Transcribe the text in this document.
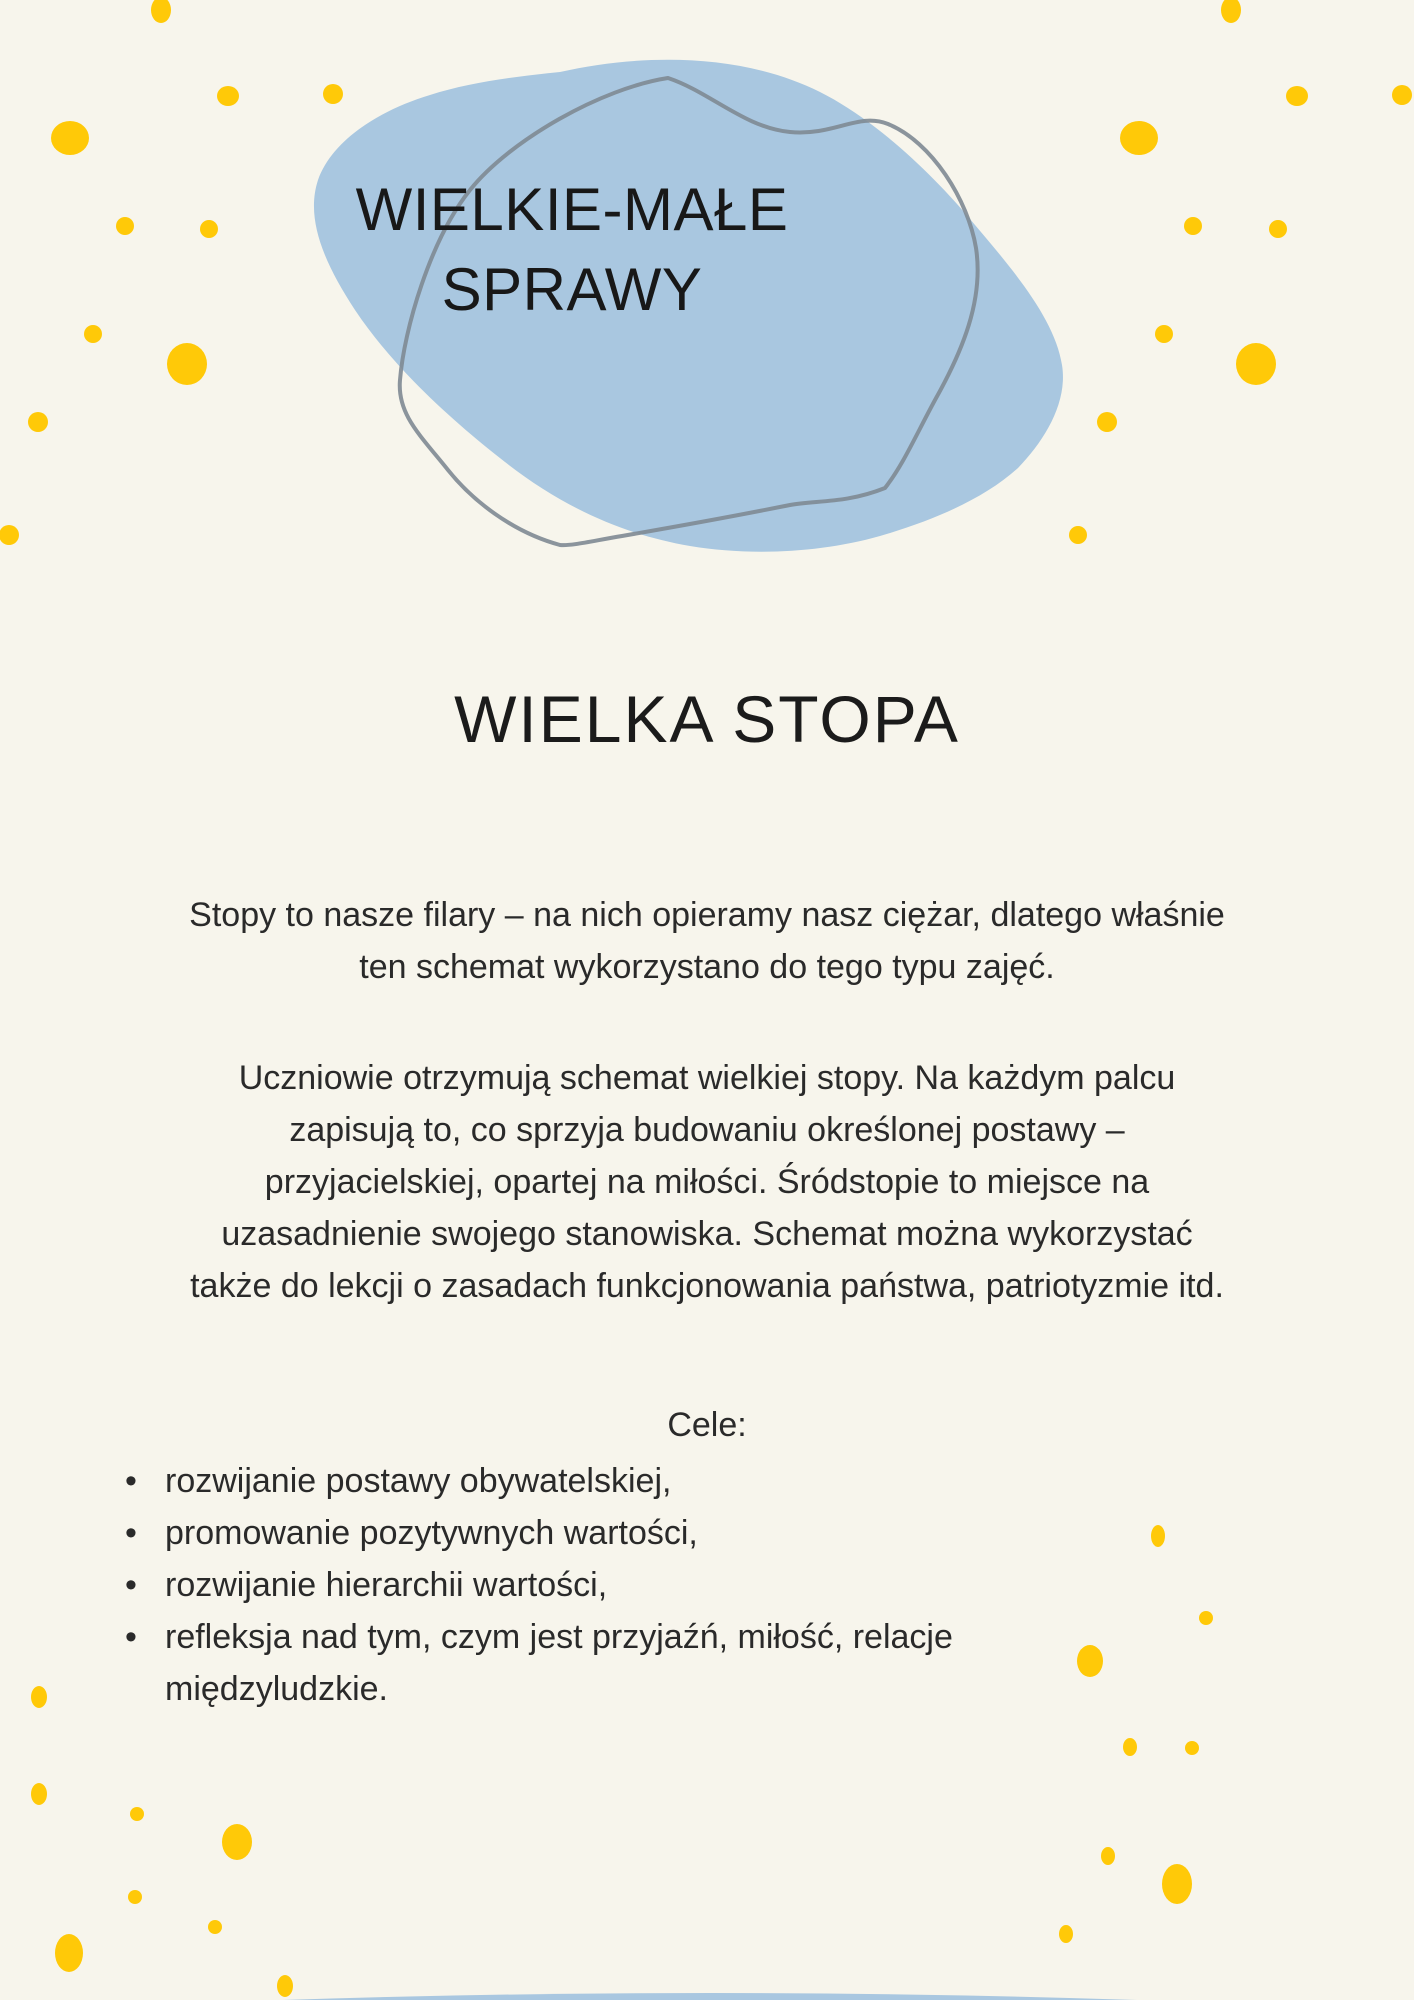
WIELKIE-MAŁE
SPRAWY
WIELKA STOPA
Stopy to nasze filary – na nich opieramy nasz ciężar, dlatego właśnie
ten schemat wykorzystano do tego typu zajęć.
Uczniowie otrzymują schemat wielkiej stopy. Na każdym palcu
zapisują to, co sprzyja budowaniu określonej postawy –
przyjacielskiej, opartej na miłości. Śródstopie to miejsce na
uzasadnienie swojego stanowiska. Schemat można wykorzystać
także do lekcji o zasadach funkcjonowania państwa, patriotyzmie itd.
Cele:
• rozwijanie postawy obywatelskiej,
• promowanie pozytywnych wartości,
• rozwijanie hierarchii wartości,
• refleksja nad tym, czym jest przyjaźń, miłość, relacje międzyludzkie.
